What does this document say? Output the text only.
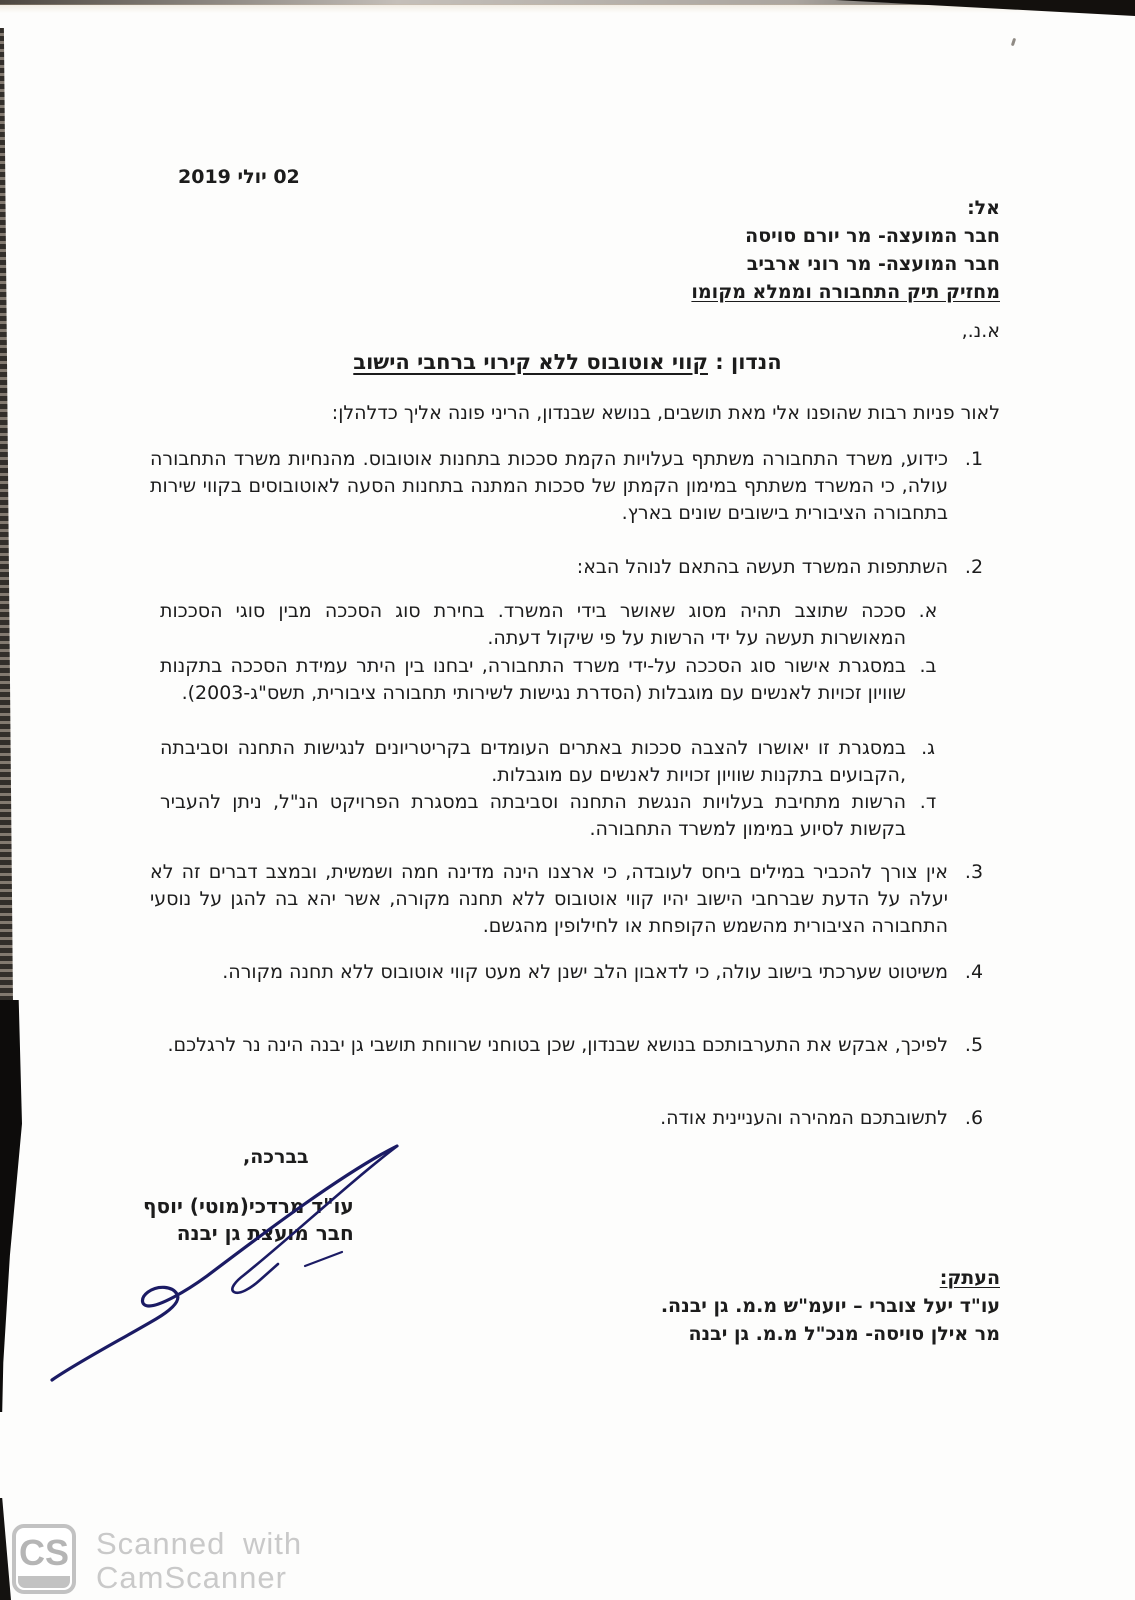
02 יולי 2019
אל:
חבר המועצה- מר יורם סויסה
חבר המועצה- מר רוני ארביב
מחזיק תיק התחבורה וממלא מקומו
א.נ.,
הנדון : קווי אוטובוס ללא קירוי ברחבי הישוב
לאור פניות רבות שהופנו אלי מאת תושבים, בנושא שבנדון, הריני פונה אליך כדלהלן:
1.
כידוע, משרד התחבורה משתתף בעלויות הקמת סככות בתחנות אוטובוס. מהנחיות משרד התחבורה עולה, כי המשרד משתתף במימון הקמתן של סככות המתנה בתחנות הסעה לאוטובוסים בקווי שירות בתחבורה הציבורית בישובים שונים בארץ.
2.
השתתפות המשרד תעשה בהתאם לנוהל הבא:
א.
סככה שתוצב תהיה מסוג שאושר בידי המשרד. בחירת סוג הסככה מבין סוגי הסככות המאושרות תעשה על ידי הרשות על פי שיקול דעתה.
ב.
במסגרת אישור סוג הסככה על-ידי משרד התחבורה, יבחנו בין היתר עמידת הסככה בתקנות שוויון זכויות לאנשים עם מוגבלות (הסדרת נגישות לשירותי תחבורה ציבורית, תשס"ג-2003).
ג.
במסגרת זו יאושרו להצבה סככות באתרים העומדים בקריטריונים לנגישות התחנה וסביבתה ,הקבועים בתקנות שוויון זכויות לאנשים עם מוגבלות.
ד.
הרשות מתחיבת בעלויות הנגשת התחנה וסביבתה במסגרת הפרויקט הנ"ל, ניתן להעביר בקשות לסיוע במימון למשרד התחבורה.
3.
אין צורך להכביר במילים ביחס לעובדה, כי ארצנו הינה מדינה חמה ושמשית, ובמצב דברים זה לא יעלה על הדעת שברחבי הישוב יהיו קווי אוטובוס ללא תחנה מקורה, אשר יהא בה להגן על נוסעי התחבורה הציבורית מהשמש הקופחת או לחילופין מהגשם.
4.
משיטוט שערכתי בישוב עולה, כי לדאבון הלב ישנן לא מעט קווי אוטובוס ללא תחנה מקורה.
5.
לפיכך, אבקש את התערבותכם בנושא שבנדון, שכן בטוחני שרווחת תושבי גן יבנה הינה נר לרגלכם.
6.
לתשובתכם המהירה והעניינית אודה.
בברכה,
עו"ד מרדכי(מוטי) יוסף
חבר מועצת גן יבנה
העתק:
עו"ד יעל צוברי – יועמ"ש מ.מ. גן יבנה.
מר אילן סויסה- מנכ"ל מ.מ. גן יבנה
CS Scanned with
CamScanner
